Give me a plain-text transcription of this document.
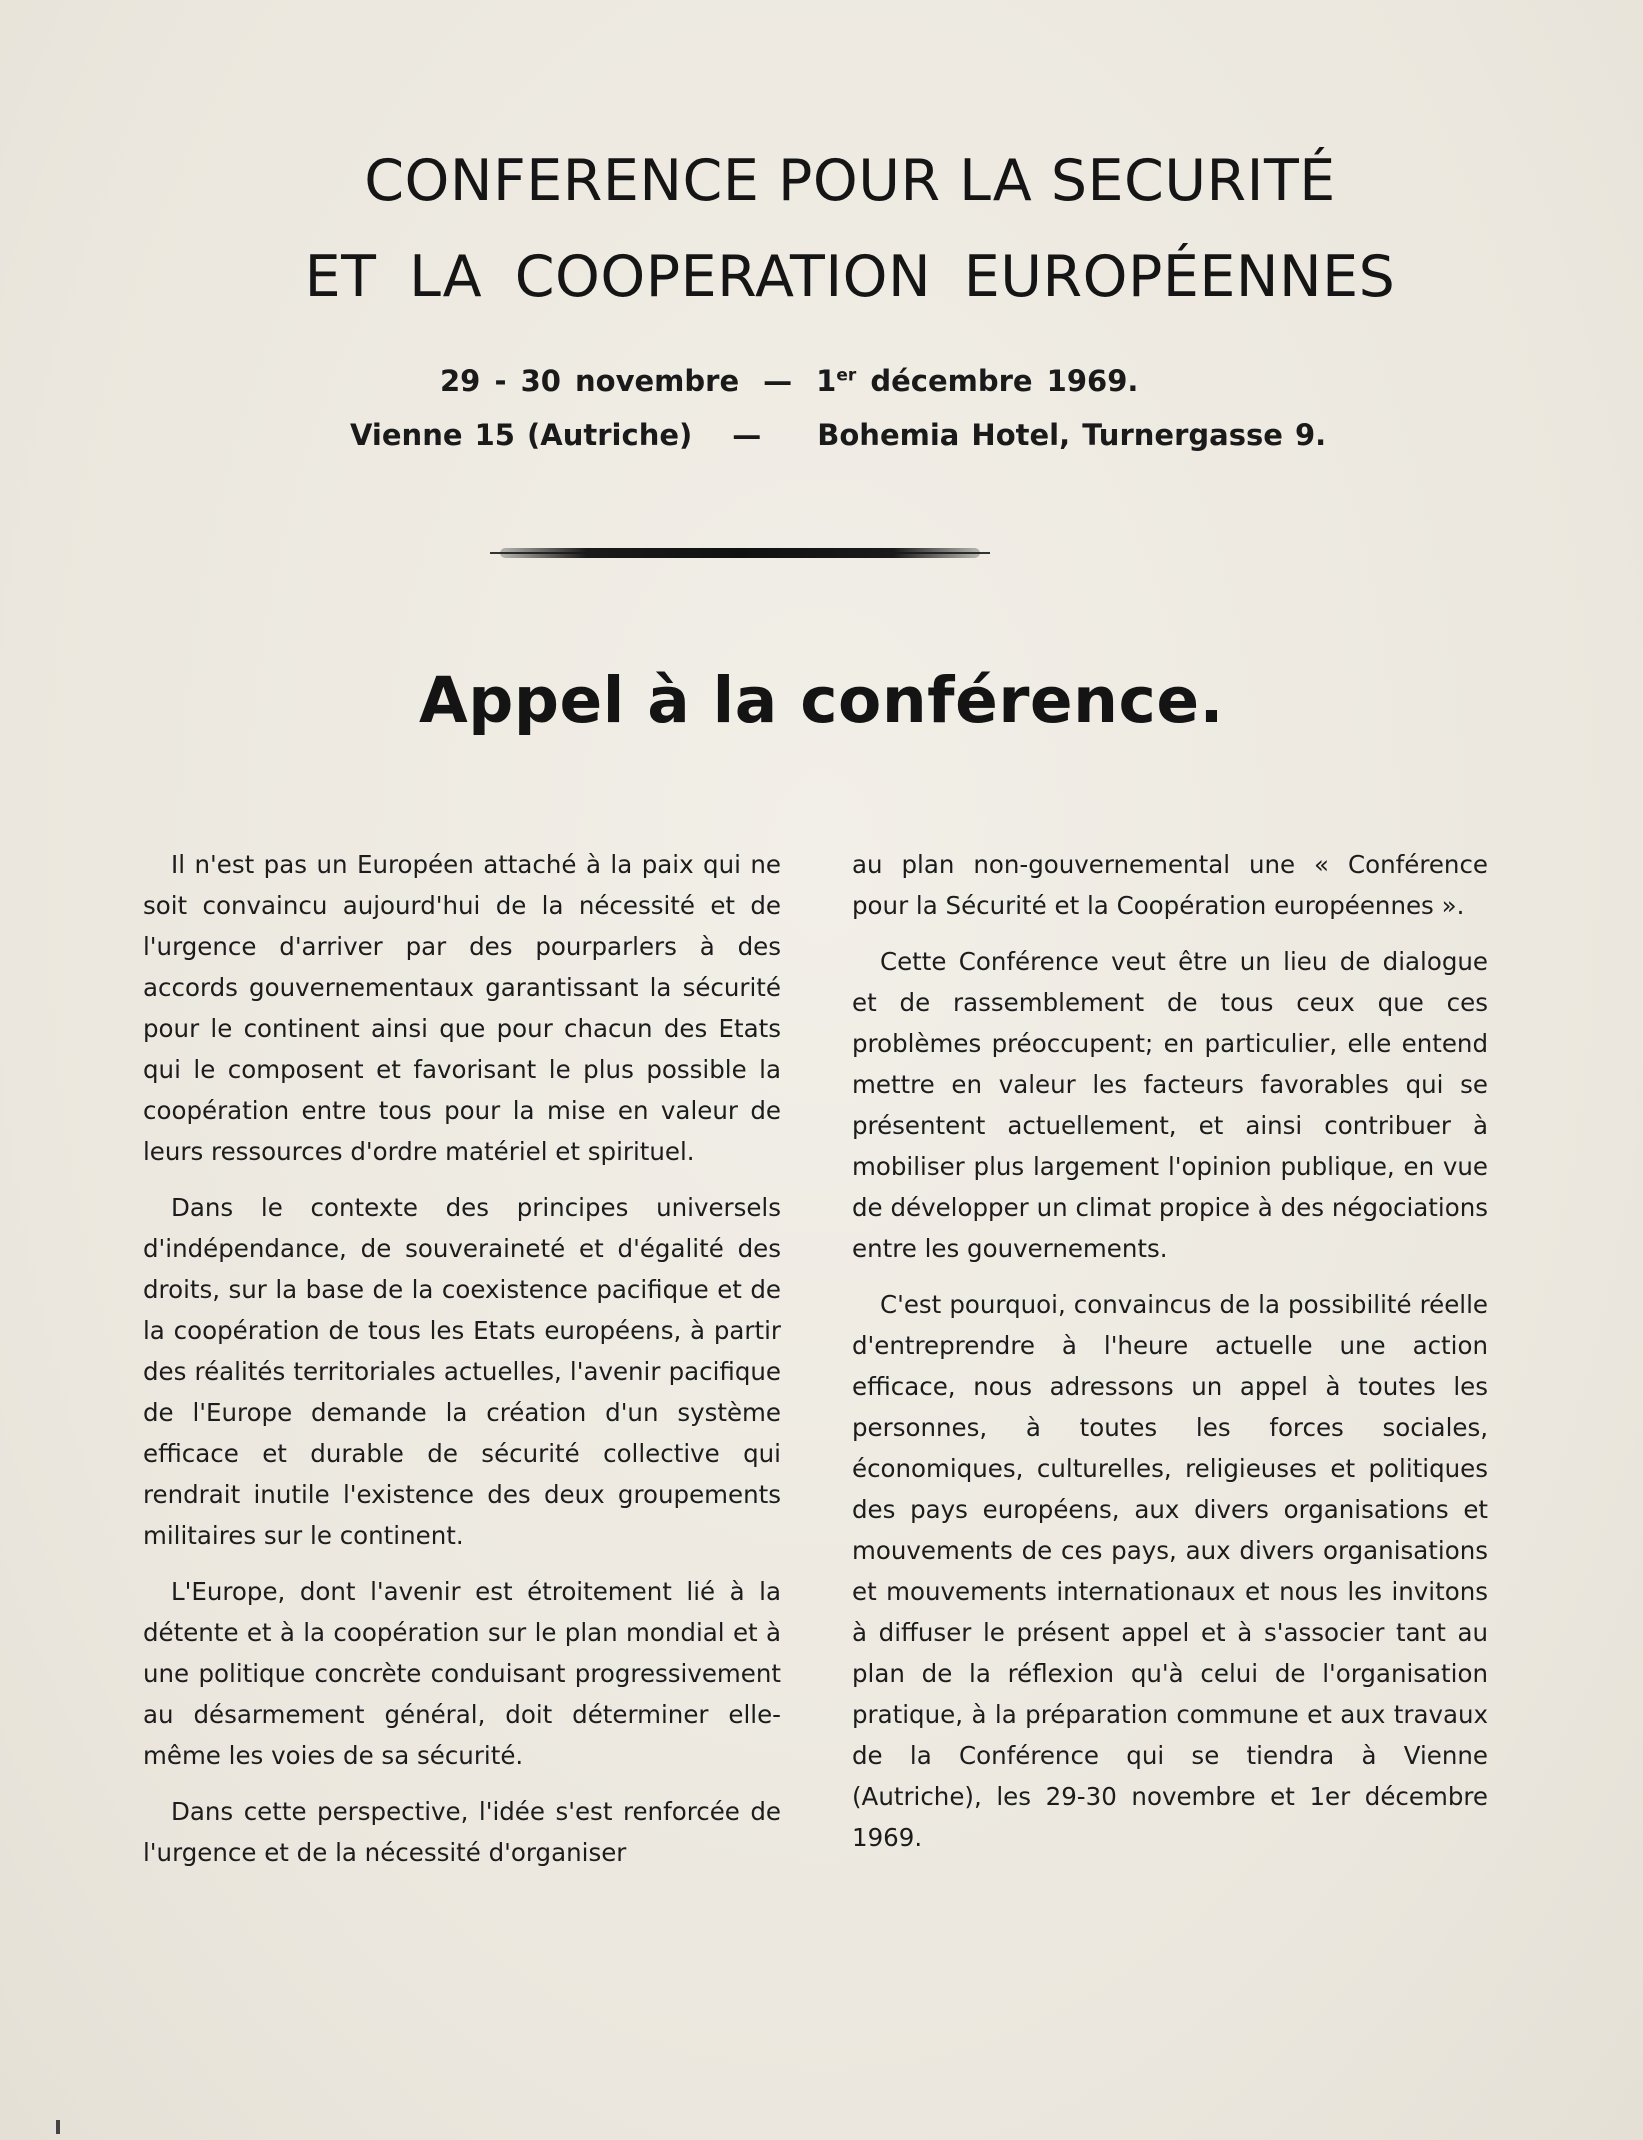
CONFERENCE POUR LA SECURITÉ
ET LA COOPERATION EUROPÉENNES
29 - 30 novembre — 1er décembre 1969.
Vienne 15 (Autriche) — Bohemia Hotel, Turnergasse 9.
Appel à la conférence.

Il n'est pas un Européen attaché à la paix qui ne soit convaincu aujourd'hui de la nécessité et de l'urgence d'arriver par des pourparlers à des accords gouvernementaux garantissant la sécurité pour le continent ainsi que pour chacun des Etats qui le composent et favorisant le plus possible la coopération entre tous pour la mise en valeur de leurs ressources d'ordre matériel et spirituel.

Dans le contexte des principes universels d'indépendance, de souveraineté et d'égalité des droits, sur la base de la coexistence pacifique et de la coopération de tous les Etats européens, à partir des réalités territoriales actuelles, l'avenir pacifique de l'Europe demande la création d'un système efficace et durable de sécurité collective qui rendrait inutile l'existence des deux groupements militaires sur le continent.

L'Europe, dont l'avenir est étroitement lié à la détente et à la coopération sur le plan mondial et à une politique concrète conduisant progressivement au désarmement général, doit déterminer elle-même les voies de sa sécurité.

Dans cette perspective, l'idée s'est renforcée de l'urgence et de la nécessité d'organiser

au plan non-gouvernemental une « Conférence pour la Sécurité et la Coopération européennes ».

Cette Conférence veut être un lieu de dialogue et de rassemblement de tous ceux que ces problèmes préoccupent; en particulier, elle entend mettre en valeur les facteurs favorables qui se présentent actuellement, et ainsi contribuer à mobiliser plus largement l'opinion publique, en vue de développer un climat propice à des négociations entre les gouvernements.

C'est pourquoi, convaincus de la possibilité réelle d'entreprendre à l'heure actuelle une action efficace, nous adressons un appel à toutes les personnes, à toutes les forces sociales, économiques, culturelles, religieuses et politiques des pays européens, aux divers organisations et mouvements de ces pays, aux divers organisations et mouvements internationaux et nous les invitons à diffuser le présent appel et à s'associer tant au plan de la réflexion qu'à celui de l'organisation pratique, à la préparation commune et aux travaux de la Conférence qui se tiendra à Vienne (Autriche), les 29-30 novembre et 1er décembre 1969.
